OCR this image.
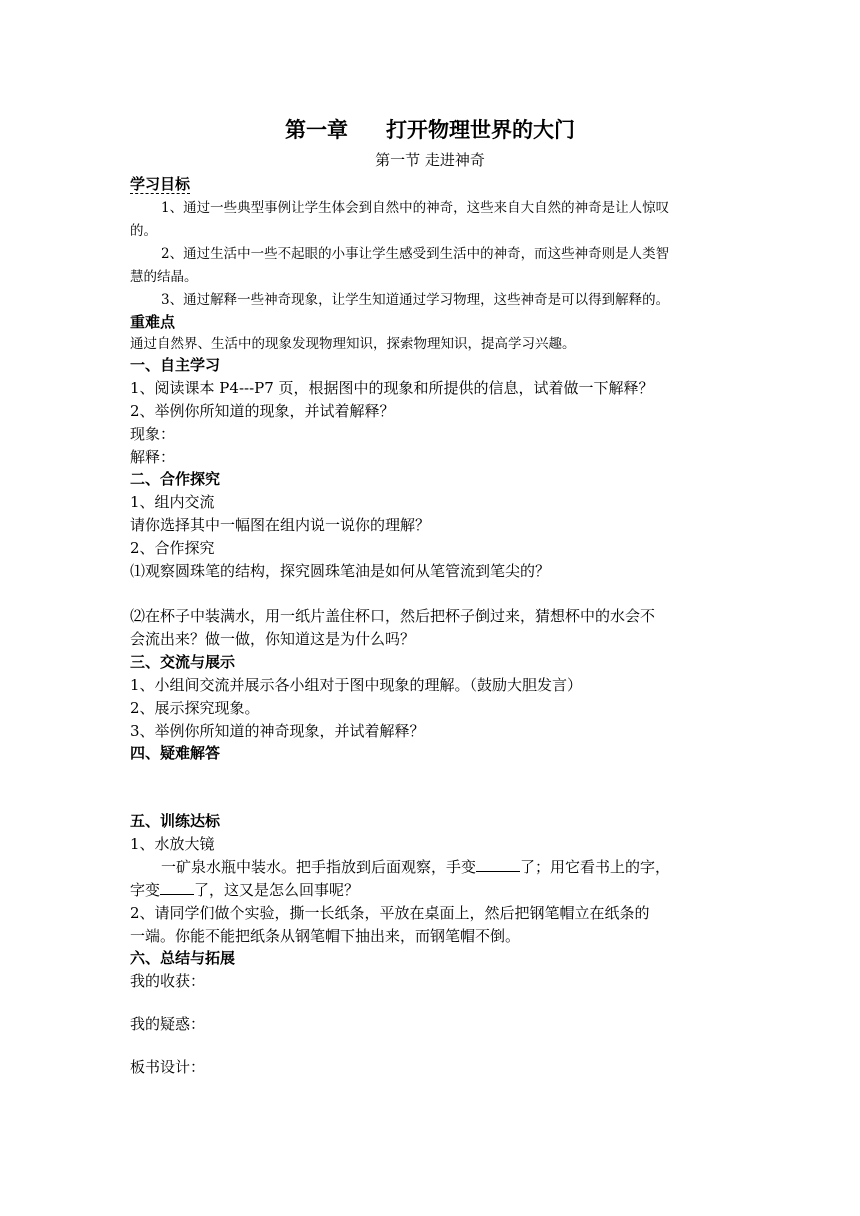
第一章 打开物理世界的大门
第一节 走进神奇
学习目标
1、通过一些典型事例让学生体会到自然中的神奇，这些来自大自然的神奇是让人惊叹
的。
2、通过生活中一些不起眼的小事让学生感受到生活中的神奇，而这些神奇则是人类智
慧的结晶。
3、通过解释一些神奇现象，让学生知道通过学习物理，这些神奇是可以得到解释的。
重难点
通过自然界、生活中的现象发现物理知识，探索物理知识，提高学习兴趣。
一、自主学习
1、阅读课本 P4---P7 页，根据图中的现象和所提供的信息，试着做一下解释？
2、举例你所知道的现象，并试着解释？
现象：
解释：
二、合作探究
1、组内交流
请你选择其中一幅图在组内说一说你的理解？
2、合作探究
⑴观察圆珠笔的结构，探究圆珠笔油是如何从笔管流到笔尖的？
⑵在杯子中装满水，用一纸片盖住杯口，然后把杯子倒过来，猜想杯中的水会不
会流出来？做一做，你知道这是为什么吗？
三、交流与展示
1、小组间交流并展示各小组对于图中现象的理解。（鼓励大胆发言）
2、展示探究现象。
3、举例你所知道的神奇现象，并试着解释？
四、疑难解答
五、训练达标
1、水放大镜
一矿泉水瓶中装水。把手指放到后面观察，手变	了；用它看书上的字，
字变 了，这又是怎么回事呢？
2、请同学们做个实验，撕一长纸条，平放在桌面上，然后把钢笔帽立在纸条的
一端。你能不能把纸条从钢笔帽下抽出来，而钢笔帽不倒。
六、总结与拓展
我的收获：
我的疑惑：
板书设计：
